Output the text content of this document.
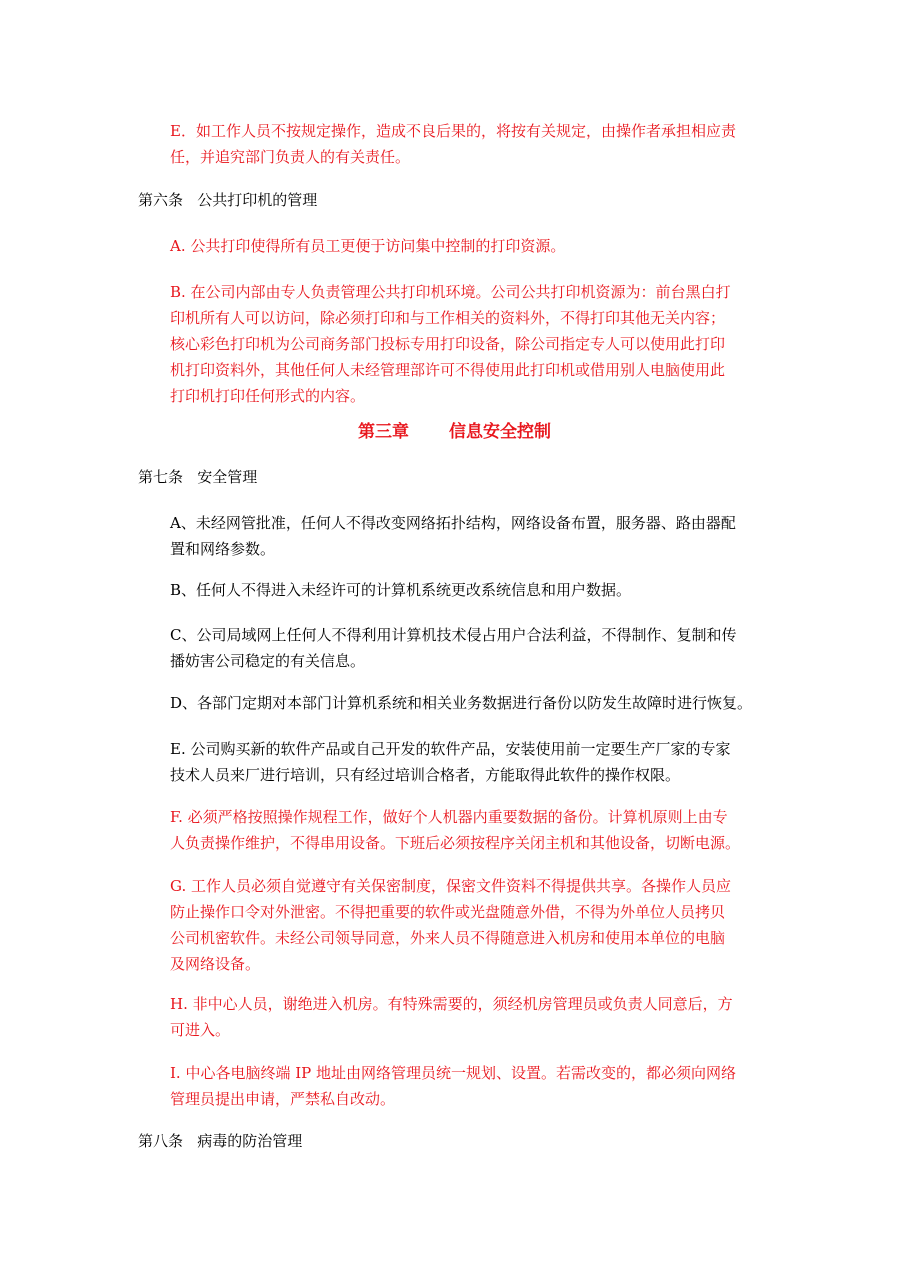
E．如工作人员不按规定操作，造成不良后果的，将按有关规定，由操作者承担相应责
任，并追究部门负责人的有关责任。

第六条   公共打印机的管理

A. 公共打印使得所有员工更便于访问集中控制的打印资源。

B. 在公司内部由专人负责管理公共打印机环境。公司公共打印机资源为：前台黑白打
印机所有人可以访问，除必须打印和与工作相关的资料外，不得打印其他无关内容；
核心彩色打印机为公司商务部门投标专用打印设备，除公司指定专人可以使用此打印
机打印资料外，其他任何人未经管理部许可不得使用此打印机或借用别人电脑使用此
打印机打印任何形式的内容。

第三章 信息安全控制

第七条   安全管理

A、未经网管批准，任何人不得改变网络拓扑结构，网络设备布置，服务器、路由器配
置和网络参数。

B、任何人不得进入未经许可的计算机系统更改系统信息和用户数据。

C、公司局域网上任何人不得利用计算机技术侵占用户合法利益，不得制作、复制和传
播妨害公司稳定的有关信息。

D、各部门定期对本部门计算机系统和相关业务数据进行备份以防发生故障时进行恢复。

E. 公司购买新的软件产品或自己开发的软件产品，安装使用前一定要生产厂家的专家
技术人员来厂进行培训，只有经过培训合格者，方能取得此软件的操作权限。

F. 必须严格按照操作规程工作，做好个人机器内重要数据的备份。计算机原则上由专
人负责操作维护，不得串用设备。下班后必须按程序关闭主机和其他设备，切断电源。

G. 工作人员必须自觉遵守有关保密制度，保密文件资料不得提供共享。各操作人员应
防止操作口令对外泄密。不得把重要的软件或光盘随意外借，不得为外单位人员拷贝
公司机密软件。未经公司领导同意，外来人员不得随意进入机房和使用本单位的电脑
及网络设备。

H. 非中心人员，谢绝进入机房。有特殊需要的，须经机房管理员或负责人同意后，方
可进入。

I. 中心各电脑终端 IP 地址由网络管理员统一规划、设置。若需改变的，都必须向网络
管理员提出申请，严禁私自改动。

第八条   病毒的防治管理
